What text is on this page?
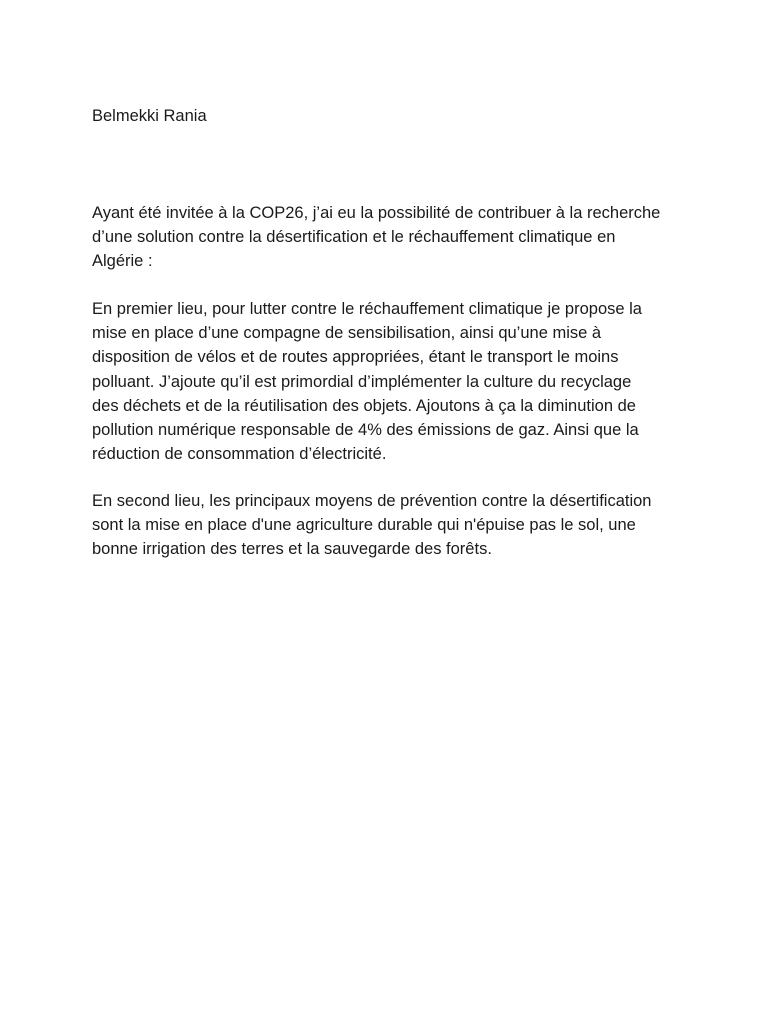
Belmekki Rania

Ayant été invitée à la COP26, j’ai eu la possibilité de contribuer à la recherche
d’une solution contre la désertification et le réchauffement climatique en
Algérie :

En premier lieu, pour lutter contre le réchauffement climatique je propose la
mise en place d’une compagne de sensibilisation, ainsi qu’une mise à
disposition de vélos et de routes appropriées, étant le transport le moins
polluant. J’ajoute qu’il est primordial d’implémenter la culture du recyclage
des déchets et de la réutilisation des objets. Ajoutons à ça la diminution de
pollution numérique responsable de 4% des émissions de gaz. Ainsi que la
réduction de consommation d’électricité.

En second lieu, les principaux moyens de prévention contre la désertification
sont la mise en place d'une agriculture durable qui n'épuise pas le sol, une
bonne irrigation des terres et la sauvegarde des forêts.
